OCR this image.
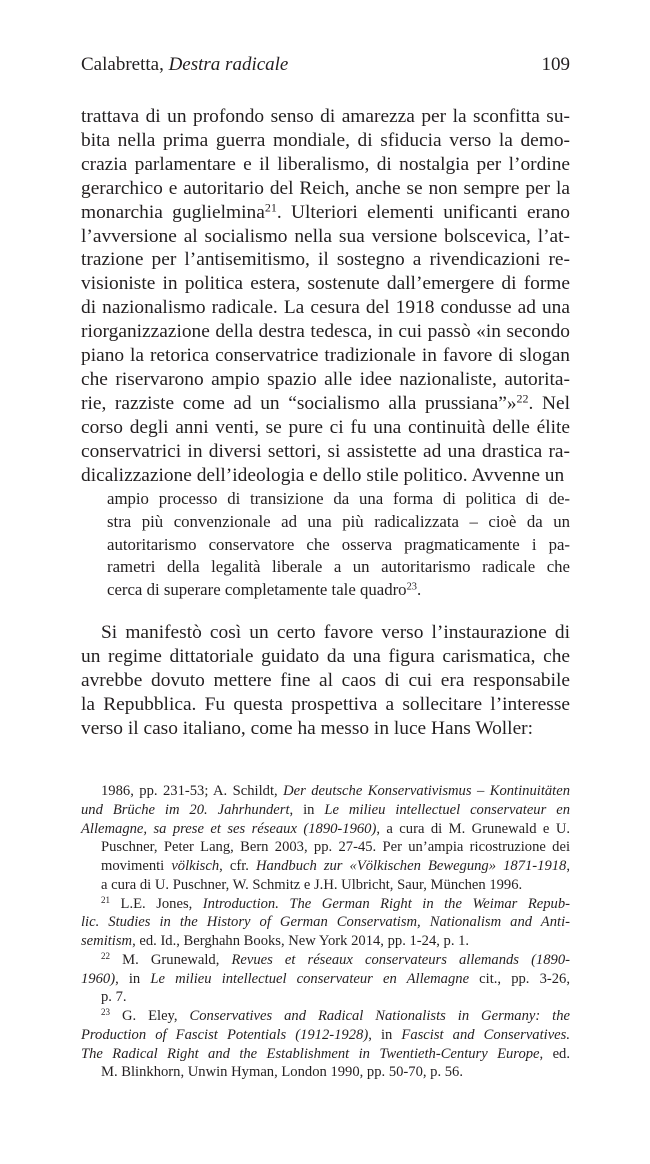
Calabretta, Destra radicale	109
trattava di un profondo senso di amarezza per la sconfitta su-
bita nella prima guerra mondiale, di sfiducia verso la demo-
crazia parlamentare e il liberalismo, di nostalgia per l’ordine
gerarchico e autoritario del Reich, anche se non sempre per la
monarchia guglielmina$^{21}$. Ulteriori elementi unificanti erano
l’avversione al socialismo nella sua versione bolscevica, l’at-
trazione per l’antisemitismo, il sostegno a rivendicazioni re-
visioniste in politica estera, sostenute dall’emergere di forme
di nazionalismo radicale. La cesura del 1918 condusse ad una
riorganizzazione della destra tedesca, in cui passò «in secondo
piano la retorica conservatrice tradizionale in favore di slogan
che riservarono ampio spazio alle idee nazionaliste, autorita-
rie, razziste come ad un “socialismo alla prussiana”»$^{22}$. Nel
corso degli anni venti, se pure ci fu una continuità delle élite
conservatrici in diversi settori, si assistette ad una drastica ra-
dicalizzazione dell’ideologia e dello stile politico. Avvenne un
ampio processo di transizione da una forma di politica di de-
stra più convenzionale ad una più radicalizzata – cioè da un
autoritarismo conservatore che osserva pragmaticamente i pa-
rametri della legalità liberale a un autoritarismo radicale che
cerca di superare completamente tale quadro$^{23}$.
Si manifestò così un certo favore verso l’instaurazione di
un regime dittatoriale guidato da una figura carismatica, che
avrebbe dovuto mettere fine al caos di cui era responsabile
la Repubblica. Fu questa prospettiva a sollecitare l’interesse
verso il caso italiano, come ha messo in luce Hans Woller:
1986, pp. 231-53; A. Schildt, Der deutsche Konservativismus – Kontinuitäten
und Brüche im 20. Jahrhundert, in Le milieu intellectuel conservateur en
Allemagne, sa prese et ses réseaux (1890-1960), a cura di M. Grunewald e U.
Puschner, Peter Lang, Bern 2003, pp. 27-45. Per un’ampia ricostruzione dei
movimenti völkisch, cfr. Handbuch zur «Völkischen Bewegung» 1871-1918,
a cura di U. Puschner, W. Schmitz e J.H. Ulbricht, Saur, München 1996.
$^{21}$ L.E. Jones, Introduction. The German Right in the Weimar Repub-
lic. Studies in the History of German Conservatism, Nationalism and Anti-
semitism, ed. Id., Berghahn Books, New York 2014, pp. 1-24, p. 1.
$^{22}$ M. Grunewald, Revues et réseaux conservateurs allemands (1890-
1960), in Le milieu intellectuel conservateur en Allemagne cit., pp. 3-26,
p. 7.
$^{23}$ G. Eley, Conservatives and Radical Nationalists in Germany: the
Production of Fascist Potentials (1912-1928), in Fascist and Conservatives.
The Radical Right and the Establishment in Twentieth-Century Europe, ed.
M. Blinkhorn, Unwin Hyman, London 1990, pp. 50-70, p. 56.
